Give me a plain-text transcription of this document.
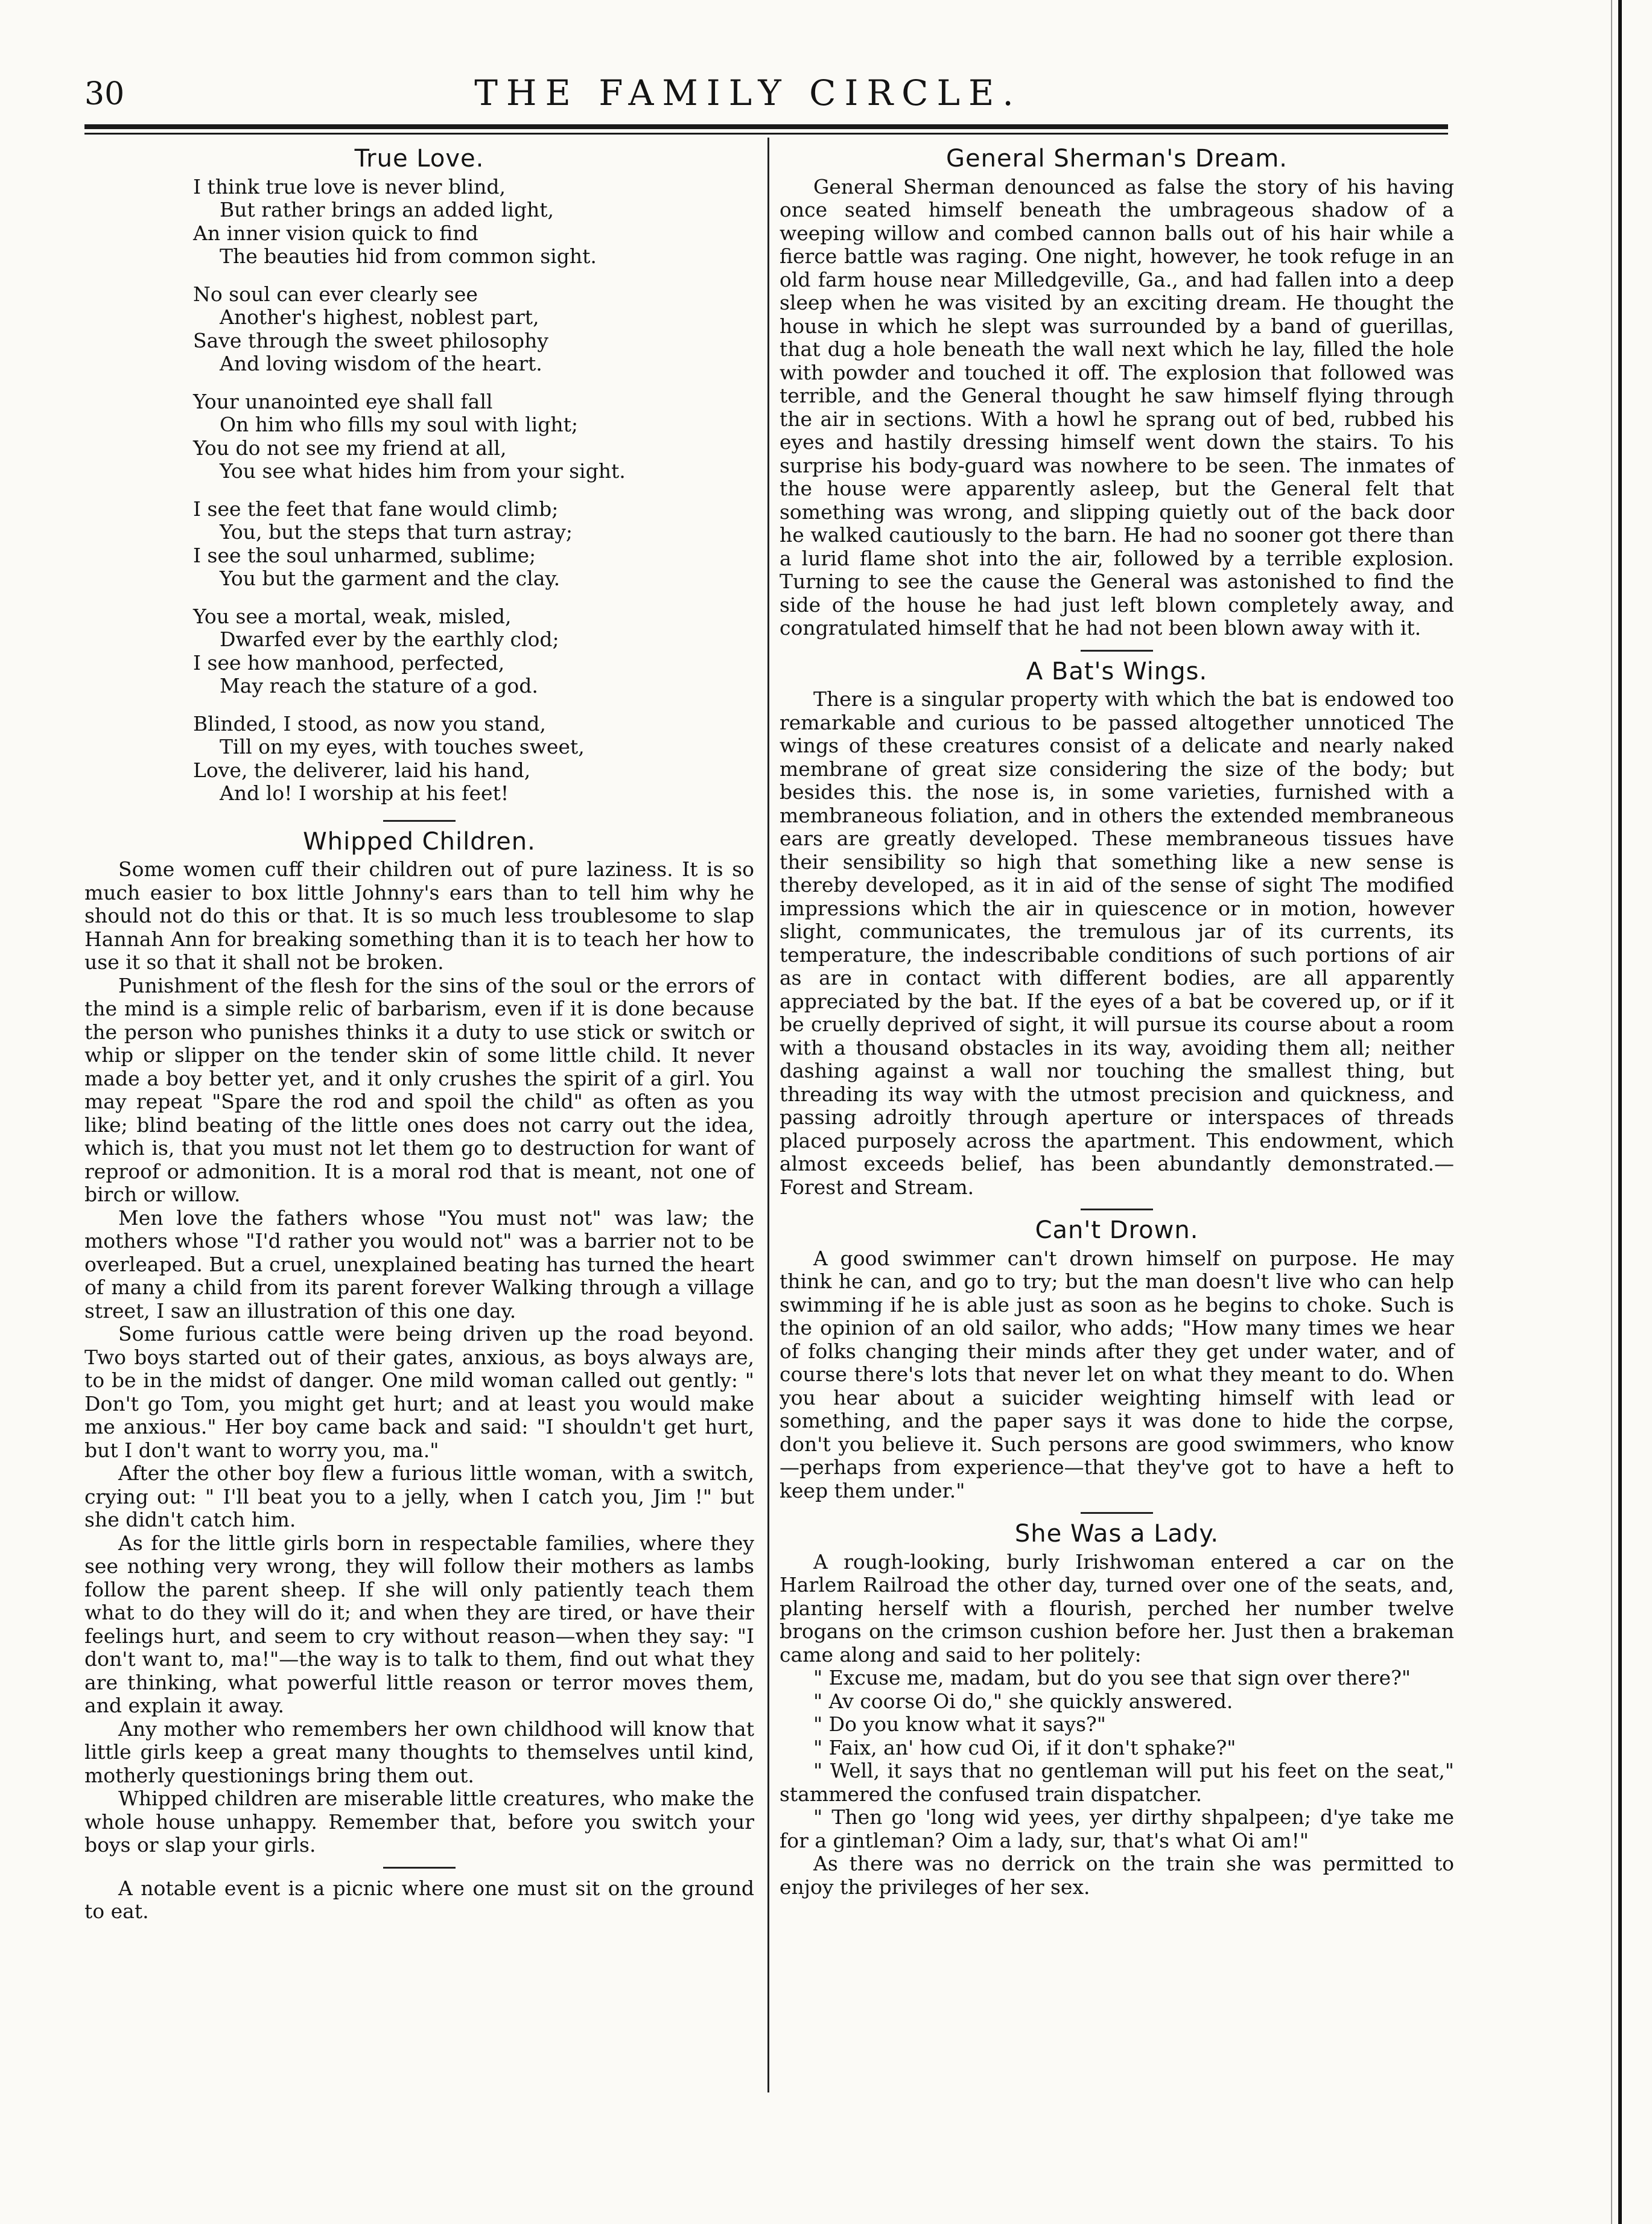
30	THE FAMILY CIRCLE.
True Love.
I think true love is never blind,
But rather brings an added light,
An inner vision quick to find
The beauties hid from common sight.
No soul can ever clearly see
Another's highest, noblest part,
Save through the sweet philosophy
And loving wisdom of the heart.
Your unanointed eye shall fall
On him who fills my soul with light;
You do not see my friend at all,
You see what hides him from your sight.
I see the feet that fane would climb;
You, but the steps that turn astray;
I see the soul unharmed, sublime;
You but the garment and the clay.
You see a mortal, weak, misled,
Dwarfed ever by the earthly clod;
I see how manhood, perfected,
May reach the stature of a god.
Blinded, I stood, as now you stand,
Till on my eyes, with touches sweet,
Love, the deliverer, laid his hand,
And lo! I worship at his feet!
Whipped Children.

Some women cuff their children out of pure laziness. It is so much easier to box little Johnny's ears than to tell him why he should not do this or that. It is so much less troublesome to slap Hannah Ann for breaking something than it is to teach her how to use it so that it shall not be broken.

Punishment of the flesh for the sins of the soul or the errors of the mind is a simple relic of barbarism, even if it is done because the person who punishes thinks it a duty to use stick or switch or whip or slipper on the tender skin of some little child. It never made a boy better yet, and it only crushes the spirit of a girl. You may repeat "Spare the rod and spoil the child" as often as you like; blind beating of the little ones does not carry out the idea, which is, that you must not let them go to destruction for want of reproof or admonition. It is a moral rod that is meant, not one of birch or willow.

Men love the fathers whose "You must not" was law; the mothers whose "I'd rather you would not" was a barrier not to be overleaped. But a cruel, unexplained beating has turned the heart of many a child from its parent forever Walking through a village street, I saw an illustration of this one day.

Some furious cattle were being driven up the road beyond. Two boys started out of their gates, anxious, as boys always are, to be in the midst of danger. One mild woman called out gently: " Don't go Tom, you might get hurt; and at least you would make me anxious." Her boy came back and said: "I shouldn't get hurt, but I don't want to worry you, ma."

After the other boy flew a furious little woman, with a switch, crying out: " I'll beat you to a jelly, when I catch you, Jim !" but she didn't catch him.

As for the little girls born in respectable families, where they see nothing very wrong, they will follow their mothers as lambs follow the parent sheep. If she will only patiently teach them what to do they will do it; and when they are tired, or have their feelings hurt, and seem to cry without reason—when they say: "I don't want to, ma!"—the way is to talk to them, find out what they are thinking, what powerful little reason or terror moves them, and explain it away.

Any mother who remembers her own childhood will know that little girls keep a great many thoughts to themselves until kind, motherly questionings bring them out.

Whipped children are miserable little creatures, who make the whole house unhappy. Remember that, before you switch your boys or slap your girls.

A notable event is a picnic where one must sit on the ground to eat.

General Sherman's Dream.

General Sherman denounced as false the story of his having once seated himself beneath the umbrageous shadow of a weeping willow and combed cannon balls out of his hair while a fierce battle was raging. One night, however, he took refuge in an old farm house near Milledgeville, Ga., and had fallen into a deep sleep when he was visited by an exciting dream. He thought the house in which he slept was surrounded by a band of guerillas, that dug a hole beneath the wall next which he lay, filled the hole with powder and touched it off. The explosion that followed was terrible, and the General thought he saw himself flying through the air in sections. With a howl he sprang out of bed, rubbed his eyes and hastily dressing himself went down the stairs. To his surprise his body-guard was nowhere to be seen. The inmates of the house were apparently asleep, but the General felt that something was wrong, and slipping quietly out of the back door he walked cautiously to the barn. He had no sooner got there than a lurid flame shot into the air, followed by a terrible explosion. Turning to see the cause the General was astonished to find the side of the house he had just left blown completely away, and congratulated himself that he had not been blown away with it.

A Bat's Wings.

There is a singular property with which the bat is endowed too remarkable and curious to be passed altogether unnoticed The wings of these creatures consist of a delicate and nearly naked membrane of great size considering the size of the body; but besides this. the nose is, in some varieties, furnished with a membraneous foliation, and in others the extended membraneous ears are greatly developed. These membraneous tissues have their sensibility so high that something like a new sense is thereby developed, as it in aid of the sense of sight The modified impressions which the air in quiescence or in motion, however slight, communicates, the tremulous jar of its currents, its temperature, the indescribable conditions of such portions of air as are in contact with different bodies, are all apparently appreciated by the bat. If the eyes of a bat be covered up, or if it be cruelly deprived of sight, it will pursue its course about a room with a thousand obstacles in its way, avoiding them all; neither dashing against a wall nor touching the smallest thing, but threading its way with the utmost precision and quickness, and passing adroitly through aperture or interspaces of threads placed purposely across the apartment. This endowment, which almost exceeds belief, has been abundantly demonstrated.—Forest and Stream.

Can't Drown.

A good swimmer can't drown himself on purpose. He may think he can, and go to try; but the man doesn't live who can help swimming if he is able just as soon as he begins to choke. Such is the opinion of an old sailor, who adds; "How many times we hear of folks changing their minds after they get under water, and of course there's lots that never let on what they meant to do. When you hear about a suicider weighting himself with lead or something, and the paper says it was done to hide the corpse, don't you believe it. Such persons are good swimmers, who know—perhaps from experience—that they've got to have a heft to keep them under."

She Was a Lady.

A rough-looking, burly Irishwoman entered a car on the Harlem Railroad the other day, turned over one of the seats, and, planting herself with a flourish, perched her number twelve brogans on the crimson cushion before her. Just then a brakeman came along and said to her politely:

" Excuse me, madam, but do you see that sign over there?"

" Av coorse Oi do," she quickly answered.

" Do you know what it says?"

" Faix, an' how cud Oi, if it don't sphake?"

" Well, it says that no gentleman will put his feet on the seat," stammered the confused train dispatcher.

" Then go 'long wid yees, yer dirthy shpalpeen; d'ye take me for a gintleman? Oim a lady, sur, that's what Oi am!"

As there was no derrick on the train she was permitted to enjoy the privileges of her sex.
